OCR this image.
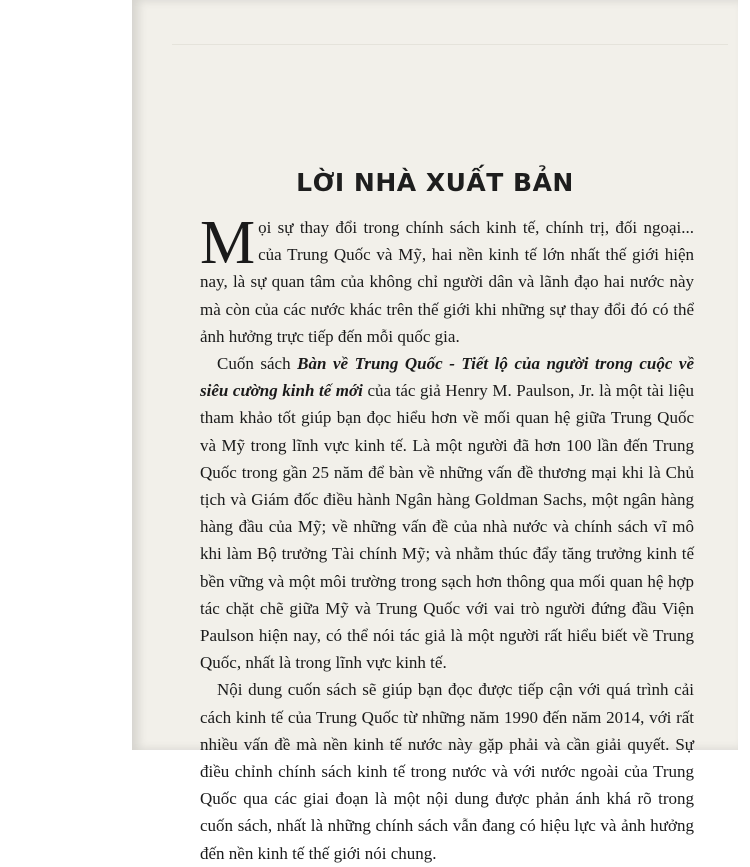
LỜI NHÀ XUẤT BẢN

Mọi sự thay đổi trong chính sách kinh tế, chính trị, đối ngoại... của Trung Quốc và Mỹ, hai nền kinh tế lớn nhất thế giới hiện nay, là sự quan tâm của không chỉ người dân và lãnh đạo hai nước này mà còn của các nước khác trên thế giới khi những sự thay đổi đó có thể ảnh hưởng trực tiếp đến mỗi quốc gia.

Cuốn sách Bàn về Trung Quốc - Tiết lộ của người trong cuộc về siêu cường kinh tế mới của tác giả Henry M. Paulson, Jr. là một tài liệu tham khảo tốt giúp bạn đọc hiểu hơn về mối quan hệ giữa Trung Quốc và Mỹ trong lĩnh vực kinh tế. Là một người đã hơn 100 lần đến Trung Quốc trong gần 25 năm để bàn về những vấn đề thương mại khi là Chủ tịch và Giám đốc điều hành Ngân hàng Goldman Sachs, một ngân hàng hàng đầu của Mỹ; về những vấn đề của nhà nước và chính sách vĩ mô khi làm Bộ trưởng Tài chính Mỹ; và nhằm thúc đẩy tăng trưởng kinh tế bền vững và một môi trường trong sạch hơn thông qua mối quan hệ hợp tác chặt chẽ giữa Mỹ và Trung Quốc với vai trò người đứng đầu Viện Paulson hiện nay, có thể nói tác giả là một người rất hiểu biết về Trung Quốc, nhất là trong lĩnh vực kinh tế.

Nội dung cuốn sách sẽ giúp bạn đọc được tiếp cận với quá trình cải cách kinh tế của Trung Quốc từ những năm 1990 đến năm 2014, với rất nhiều vấn đề mà nền kinh tế nước này gặp phải và cần giải quyết. Sự điều chỉnh chính sách kinh tế trong nước và với nước ngoài của Trung Quốc qua các giai đoạn là một nội dung được phản ánh khá rõ trong cuốn sách, nhất là những chính sách vẫn đang có hiệu lực và ảnh hưởng đến nền kinh tế thế giới nói chung.
